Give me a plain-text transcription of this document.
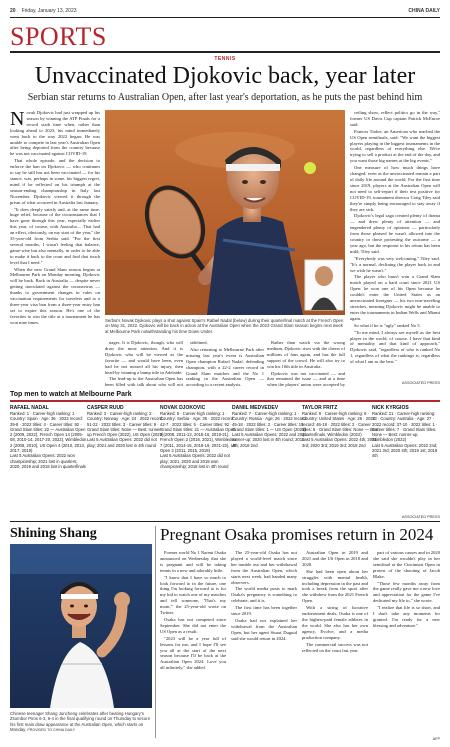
20 Friday, January 13, 2023	CHINA DAILY
SPORTS
TENNIS
Unvaccinated Djokovic back, year later
Serbian star returns to Australian Open, after last year's deportation, as he puts the past behind him

Novak Djokovic had just wrapped up his season by winning the ATP Finals for a record sixth time when, rather than looking ahead to 2023, his mind immediately went back to the way 2022 began: He was unable to compete in last year's Australian Open after being deported from the country because he was not vaccinated against COVID-19.

That whole episode, and the decision to enforce the ban on Djokovic — who continues to say he still has not been vaccinated — for his stance, was, perhaps in some, his biggest regret, mind if he reflected on his triumph at the season-ending championship in Italy last November. Djokovic viewed it through the prism of what occurred in Australia last January.

"It does deeply satisfy and, at the same time, huge relief, because of the circumstances that I have gone through this year, especially earlier this year, of course, with Australia.... That had an effect, obviously, on my start of the year," the 35-year-old from Serbia said. "For the first several months, I wasn't feeling that balance, game-wise but also mentally, in order to be able to make it back to the court and find that touch level that I need."

When the new Grand Slam season begins at Melbourne Park on Monday morning, Djokovic will be back. Back in Australia — despite never getting inoculated against the coronavirus — thanks to government changes in rules on vaccination requirements for travelers and to a three-year visa ban from a three-year entry ban set to expire this season. He's one of the favorites to win the title at a tournament he has won nine times.	Serbia's Novak Djokovic plays a shot against Spain's Rafael Nadal (below) during their quarterfinal match at the French Open on May 31, 2022. Djokovic will be back in action at the Australian Open when the 2023 Grand Slam season begins next week at Melbourne Park notwithstanding his time Down Under.

nages. It is Djokovic, though, who will draw the most attention. And it is Djokovic who will be viewed as the favorite — and would have been, even had he not missed all his injury, then head-by winning a bump title in Adelaide.

The lead-up to the Australian Open has been filled with talk about who will not

sidelined.

Also returning to Melbourne Park after missing last year's event is Australian Open champion Rafael Nadal, defending champion, with a 22-2 career record in Grand Slam matches and the No 1 ranking in the Australian Open — according to a recent analysis.

Rather than watch via the wrong medium, Djokovic rises with the cheers of millions of fans again, and has the full support of the crowd. He will also try to win his 10th title in Australia.

Djokovic was not vaccinated — and that remained the issue — and at a time when the players' union were accepted by

ceiling show, reflect politics go in the way," former US Davis Cup captain Patrick McEnroe said.

Frances Tiafoe, an American who reached the US Open semifinals, said: "We want the biggest players playing in the biggest tournaments in the world, regardless of everything else. We're trying to sell a product at the end of the day, and you want those big names at the big events."

One measure of how much things have changed: even as the unvaccinated remain a part of daily life around the world. For the first time since 2019, players at the Australian Open will not need to self-report if their test positive for COVID-19, tournament director Craig Tiley said they're simply being encouraged to stay away if they are sick.

Djokovic's legal saga created plenty of drama — and drew plenty of attention — and engendered plenty of opinions — particularly from those pleased he wasn't allowed into the country or those protesting the outcome — a year ago, but the response to his return has been mild, Tiley said.

"Everybody was very welcoming," Tiley said. "It's a normal, declining the player back in and we wish he wasn't."

The player who hasn't won a Grand Slam match played on a hard court since 2021 US Open: he won one of his Open because he couldn't enter the United States as an unvaccinated foreigner — his two non-traveling stretches, meaning Djokovic might be unable to enter the tournaments in Indian Wells and Miami again.

So what if he is "ugly" ranked No 5.

"To me mind, I always see myself as the best player in the world, of course. I have that kind of mentality and that kind of approach," Djokovic said, "regardless of who is ranked No 1, regardless of what the rankings is, regardless of what I am as the best."

ASSOCIATED PRESS
Top men to watch at Melbourne Park
RAFAEL NADAL
Ranked: 1 · Career-high ranking: 1 · Country: Spain · Age: 36 · 2022 record: 39-8 · 2022 titles: 4 · Career titles: 92 · Grand Slam titles: 22 — Australian Open 2 (2009, 2022), French Open 14 (2005-08, 2010-14, 2017-20, 2022), Wimbledon 2 (2008, 2010), US Open 4 (2010, 2013, 2017, 2019)
Last 5 Australian Opens: 2022 won championship; 2021 lost in quarters; 2020, 2019 and 2018 lost in quarterfinals
CASPER RUUD
Ranked: 3 · Career-high ranking: 2 · Country: Norway · Age: 24 · 2022 record: 51-22 · 2022 titles: 3 · Career titles: 9 · Grand Slam titles: None — Best: runner-up French Open (2022), US Open (2022)
Last 5 Australian Opens: 2022 did not play; 2021 and 2020 lost in 4th round
NOVAK DJOKOVIC
Ranked: 5 · Career-high ranking: 1 · Country: Serbia · Age: 35 · 2022 record: 42-7 · 2022 titles: 5 · Career titles: 92 · Grand Slam titles: 21 — Australian Open 9 (2008, 2011-13, 2015-16, 2019-21), French Open 2 (2016, 2021), Wimbledon 7 (2011, 2014-15, 2018-19, 2021-22), US Open 3 (2011, 2015, 2018)
Last 5 Australian Opens: 2022 did not play; 2021, 2020 and 2019 won championship; 2018 lost in 4th round
DANIIL MEDVEDEV
Ranked: 7 · Career-high ranking: 1 · Country: Russia · Age: 26 · 2022 record: 45-18 · 2022 titles: 2 · Career titles: 15 · Grand Slam titles: 1 — US Open (2021)
Last 5 Australian Opens: 2022 and 2021 runner-up; 2020 lost in 4th round; 2019 4th; 2018 2nd
TAYLOR FRITZ
Ranked: 9 · Career-high ranking: 8 · Country: United States · Age: 25 · 2022 record: 46-18 · 2022 titles: 3 · Career titles: 5 · Grand Slam titles: None — Best: quarterfinals, Wimbledon (2022)
Last 5 Australian Opens: 2022 4th; 2021 3rd; 2020 3rd; 2019 3rd; 2018 2nd
NICK KYRGIOS
Ranked: 21 · Career-high ranking: 13 · Country: Australia · Age: 27 · 2022 record: 37-10 · 2022 titles: 1 · Career titles: 7 · Grand Slam titles: None — Best: runner-up, Wimbledon (2022)
Last 5 Australian Opens: 2022 2nd; 2021 3rd; 2020 4th; 2019 1st; 2018 4th
ASSOCIATED PRESS
Shining Shang
Chinese teenager Shang Juncheng celebrates after beating Hungary's Zsombor Piros 6-3, 6-4 in the final qualifying round on Thursday to secure his first main draw appearance at the Australian Open, which starts on Monday. PROVIDED TO CHINA DAILY
Pregnant Osaka promises return in 2024

Former world No 1 Naomi Osaka announced on Wednesday that she is pregnant and will be taking tennis in a new and adorably little.

"I know that I have so much to look forward to in the future, one thing I'm looking forward to is for my kid to watch one of my matches and tell someone, 'That's my mom,'" the 25-year-old wrote on Twitter.

Osaka has not competed since September. She did not enter the US Open as a result.

"2023 will be a year full of lessons for me, and I hope I'll see you all at the start of the next season because I'll be back at the Australian Open 2024. Love you all infinitely," she added.

The 25-year-old Osaka has not played a world-level match since her tumble out and her withdrawal from the Australian Open, which starts next week, had handed many observers.

The world media posts to mark Osaka's pregnancy is something to celebrate, and it is.

The first time has been together since 2019.

Osaka had not explained her withdrawal from the Australian Open, but her agent Stuart Duguid said she would return in 2024.

Australian Open in 2019 and 2021 and the US Open in 2018 and 2020.

She had been open about her struggles with mental health, including depression in the past and took a break from the sport after she withdrew from the 2021 French Open.

With a string of lucrative endorsement deals, Osaka is one of the highest-paid female athletes in the world. She also has her own agency, Evolve, and a media production company.

The commercial success was not reflected on the court last year.

part of various causes and in 2020 she said she wouldn't play in her semifinal at the Cincinnati Open in protest of the shooting of Jacob Blake.

"Those few months away from the game really gave me a new love and appreciation for the game I've dedicated my life to," she wrote.

"I realize that life is so short, and I don't take any moments for granted. I'm ready for a new blessing and adventure."

AFP
